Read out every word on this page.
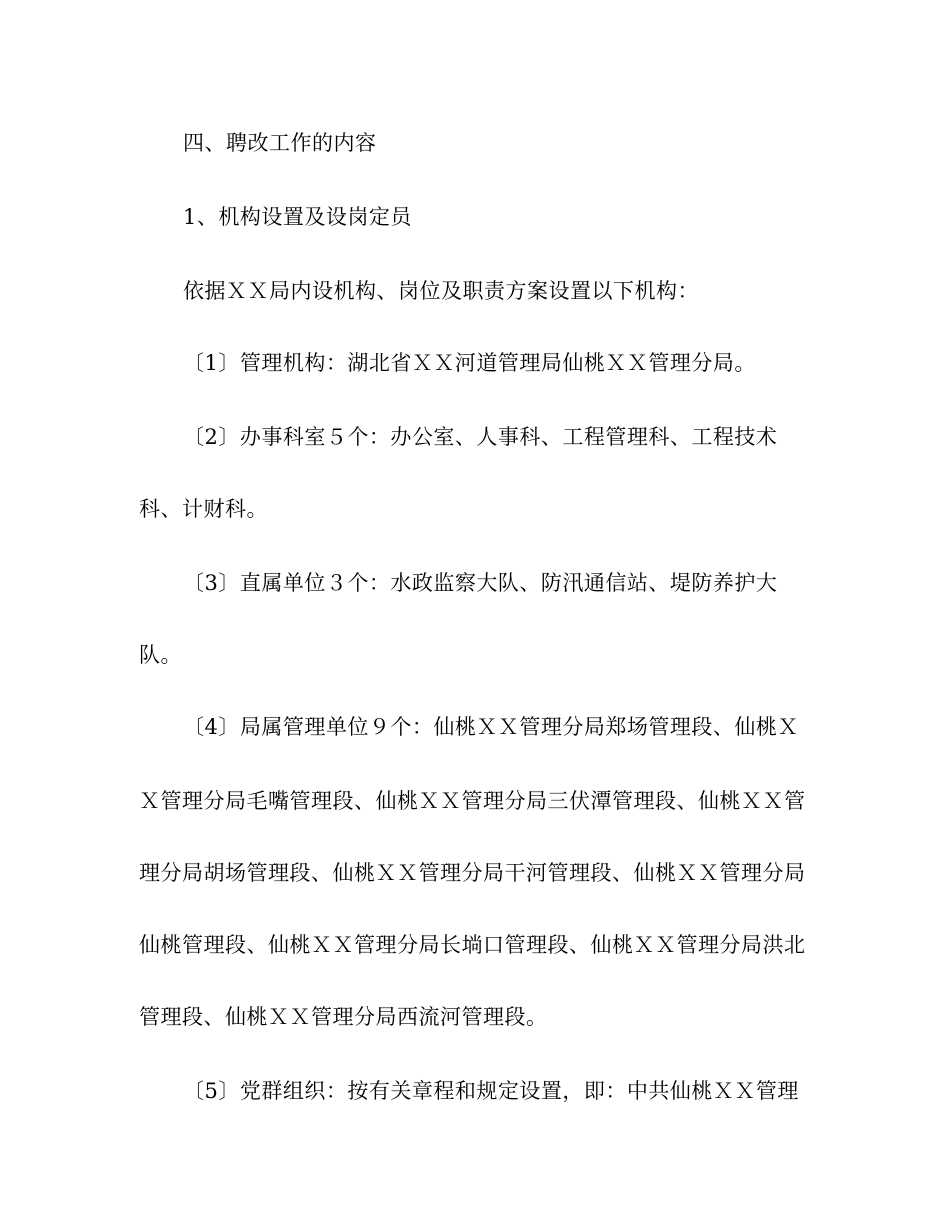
四、聘改工作的内容
1、机构设置及设岗定员
依据ＸＸ局内设机构、岗位及职责方案设置以下机构：
〔1〕管理机构：湖北省ＸＸ河道管理局仙桃ＸＸ管理分局。
〔2〕办事科室５个：办公室、人事科、工程管理科、工程技术
科、计财科。
〔3〕直属单位３个：水政监察大队、防汛通信站、堤防养护大
队。
〔4〕局属管理单位９个：仙桃ＸＸ管理分局郑场管理段、仙桃Ｘ
Ｘ管理分局毛嘴管理段、仙桃ＸＸ管理分局三伏潭管理段、仙桃ＸＸ管
理分局胡场管理段、仙桃ＸＸ管理分局干河管理段、仙桃ＸＸ管理分局
仙桃管理段、仙桃ＸＸ管理分局长埫口管理段、仙桃ＸＸ管理分局洪北
管理段、仙桃ＸＸ管理分局西流河管理段。
〔5〕党群组织：按有关章程和规定设置，即：中共仙桃ＸＸ管理
